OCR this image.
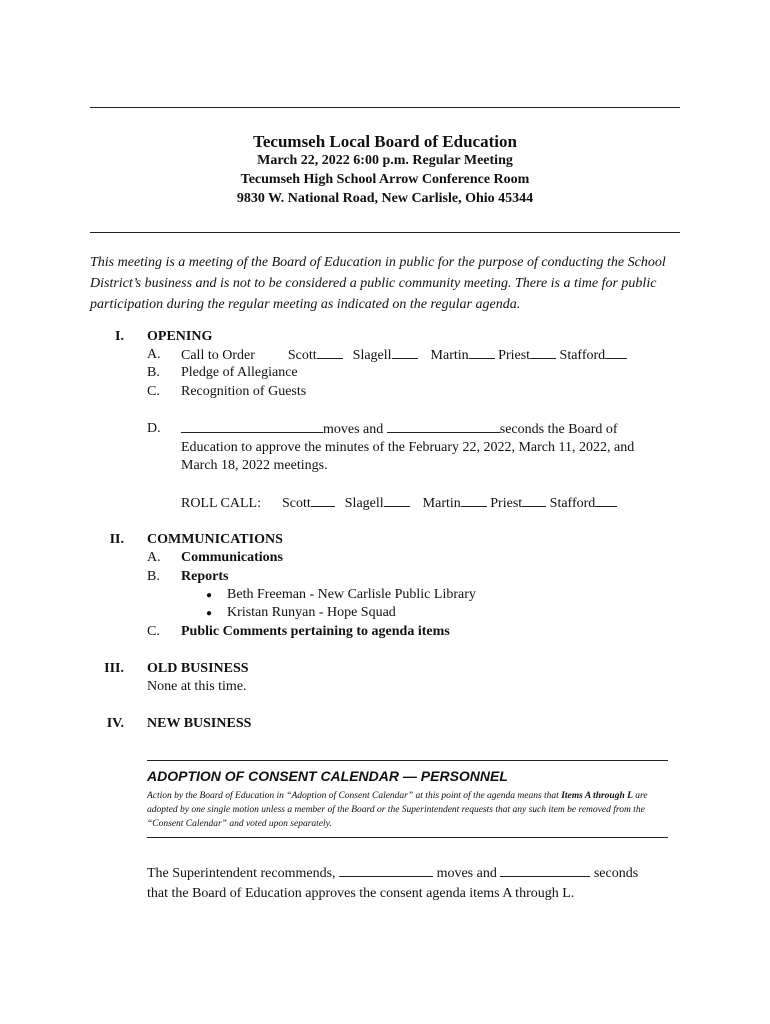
Tecumseh Local Board of Education
March 22, 2022 6:00 p.m. Regular Meeting
Tecumseh High School Arrow Conference Room
9830 W. National Road, New Carlisle, Ohio 45344
This meeting is a meeting of the Board of Education in public for the purpose of conducting the School District’s business and is not to be considered a public community meeting. There is a time for public participation during the regular meeting as indicated on the regular agenda.
I. OPENING
A. Call to Order Scott	Slagell	Martin Priest Stafford
B. Pledge of Allegiance
C. Recognition of Guests
D.	moves and	seconds the Board of
Education to approve the minutes of the February 22, 2022, March 11, 2022, and
March 18, 2022 meetings.
ROLL CALL: Scott Slagell	Martin Priest Stafford
II. COMMUNICATIONS
A. Communications
B. Reports
● Beth Freeman - New Carlisle Public Library
● Kristan Runyan - Hope Squad
C. Public Comments pertaining to agenda items
III. OLD BUSINESS
None at this time.
IV. NEW BUSINESS
ADOPTION OF CONSENT CALENDAR — PERSONNEL
Action by the Board of Education in “Adoption of Consent Calendar” at this point of the agenda means that Items A through L are adopted by one single motion unless a member of the Board or the Superintendent requests that any such item be removed from the “Consent Calendar” and voted upon separately.
The Superintendent recommends,	moves and	seconds
that the Board of Education approves the consent agenda items A through L.
